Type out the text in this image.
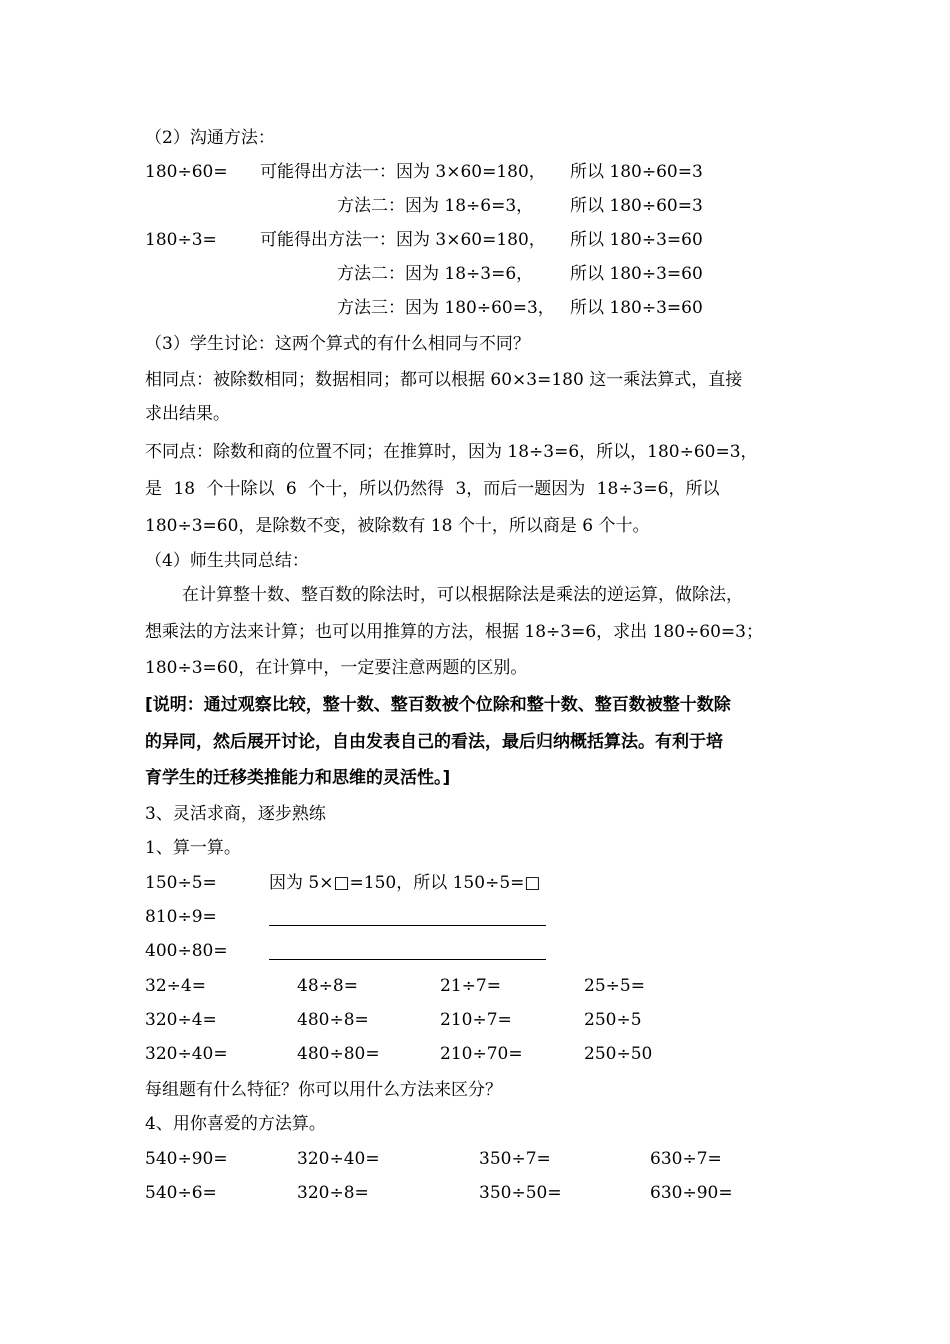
（2）沟通方法：
180÷60= 可能得出方法一：因为 3×60=180， 所以 180÷60=3
方法二：因为 18÷6=3， 所以 180÷60=3
180÷3=	可能得出方法一：因为 3×60=180， 所以 180÷3=60
方法二：因为 18÷3=6， 所以 180÷3=60
方法三：因为 180÷60=3， 所以 180÷3=60
（3）学生讨论：这两个算式的有什么相同与不同？
相同点：被除数相同；数据相同；都可以根据 60×3=180 这一乘法算式，直接
求出结果。
不同点：除数和商的位置不同；在推算时，因为 18÷3=6，所以，180÷60=3，
是 18 个十除以 6 个十，所以仍然得 3，而后一题因为 18÷3=6，所以
180÷3=60，是除数不变，被除数有 18 个十，所以商是 6 个十。
（4）师生共同总结：
在计算整十数、整百数的除法时，可以根据除法是乘法的逆运算，做除法，
想乘法的方法来计算；也可以用推算的方法，根据 18÷3=6，求出 180÷60=3；
180÷3=60，在计算中，一定要注意两题的区别。
[说明：通过观察比较，整十数、整百数被个位除和整十数、整百数被整十数除
的异同，然后展开讨论，自由发表自己的看法，最后归纳概括算法。有利于培
育学生的迁移类推能力和思维的灵活性。]
3、灵活求商，逐步熟练
1、算一算。
150÷5=	因为 5×□=150，所以 150÷5=□
810÷9=
400÷80=
32÷4=	48÷8=	21÷7=	25÷5=
320÷4=	480÷8=	210÷7=	250÷5
320÷40=	480÷80=	210÷70=	250÷50
每组题有什么特征？你可以用什么方法来区分？
4、用你喜爱的方法算。
540÷90=	320÷40=	350÷7=	630÷7=
540÷6=	320÷8=	350÷50=	630÷90=
